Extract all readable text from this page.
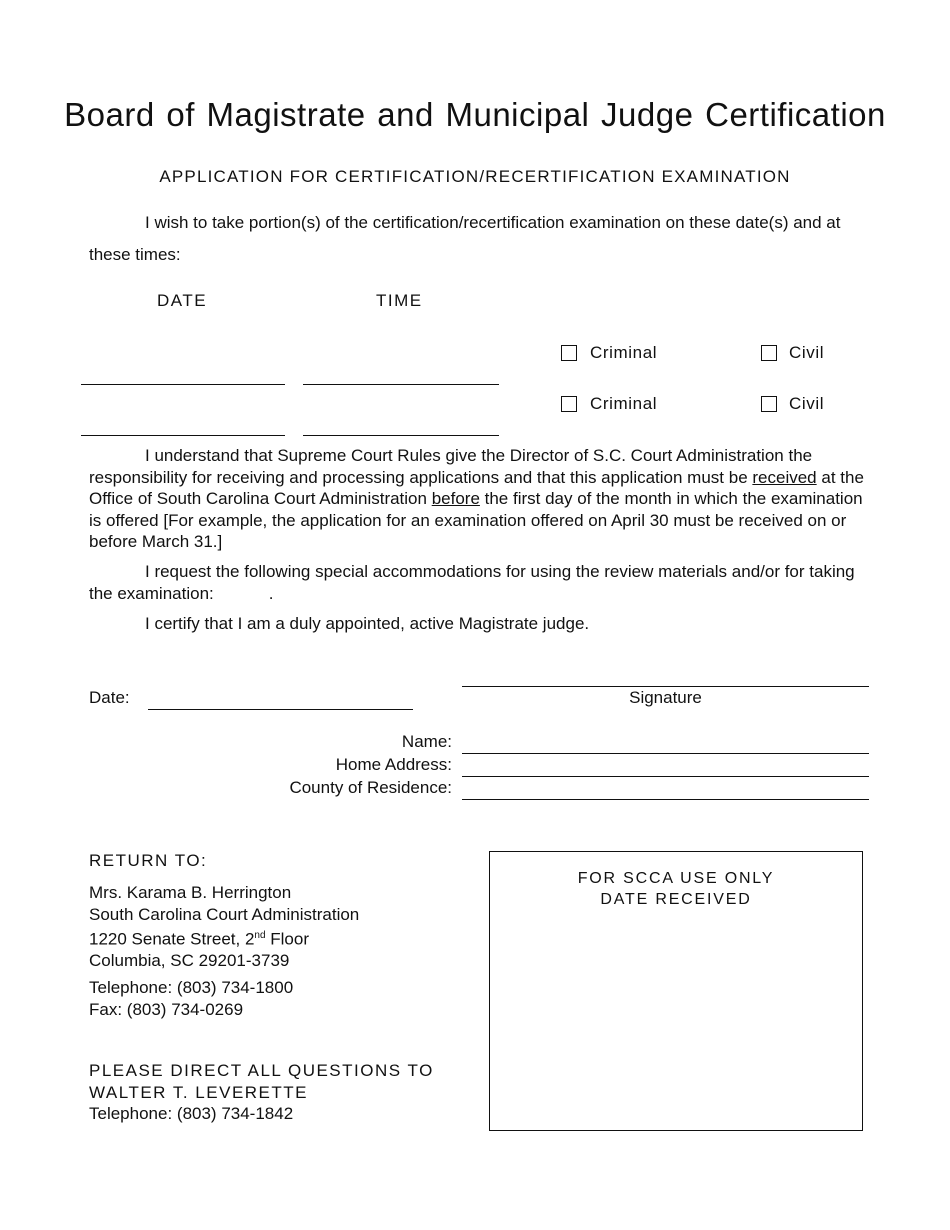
Board of Magistrate and Municipal Judge Certification
APPLICATION FOR CERTIFICATION/RECERTIFICATION EXAMINATION
I wish to take portion(s) of the certification/recertification examination on these date(s) and at these times:
DATE	TIME
Criminal	Civil
Criminal	Civil
I understand that Supreme Court Rules give the Director of S.C. Court Administration the responsibility for receiving and processing applications and that this application must be received at the Office of South Carolina Court Administration before the first day of the month in which the examination is offered [For example, the application for an examination offered on April 30 must be received on or before March 31.]
I request the following special accommodations for using the review materials and/or for taking the examination:	.
I certify that I am a duly appointed, active Magistrate judge.
Date:	Signature
Name:
Home Address:
County of Residence:
RETURN TO:
Mrs. Karama B. Herrington
South Carolina Court Administration
1220 Senate Street, 2nd Floor
Columbia, SC 29201-3739
Telephone: (803) 734-1800
Fax: (803) 734-0269
PLEASE DIRECT ALL QUESTIONS TO
WALTER T. LEVERETTE
Telephone: (803) 734-1842
FOR SCCA USE ONLY
DATE RECEIVED
